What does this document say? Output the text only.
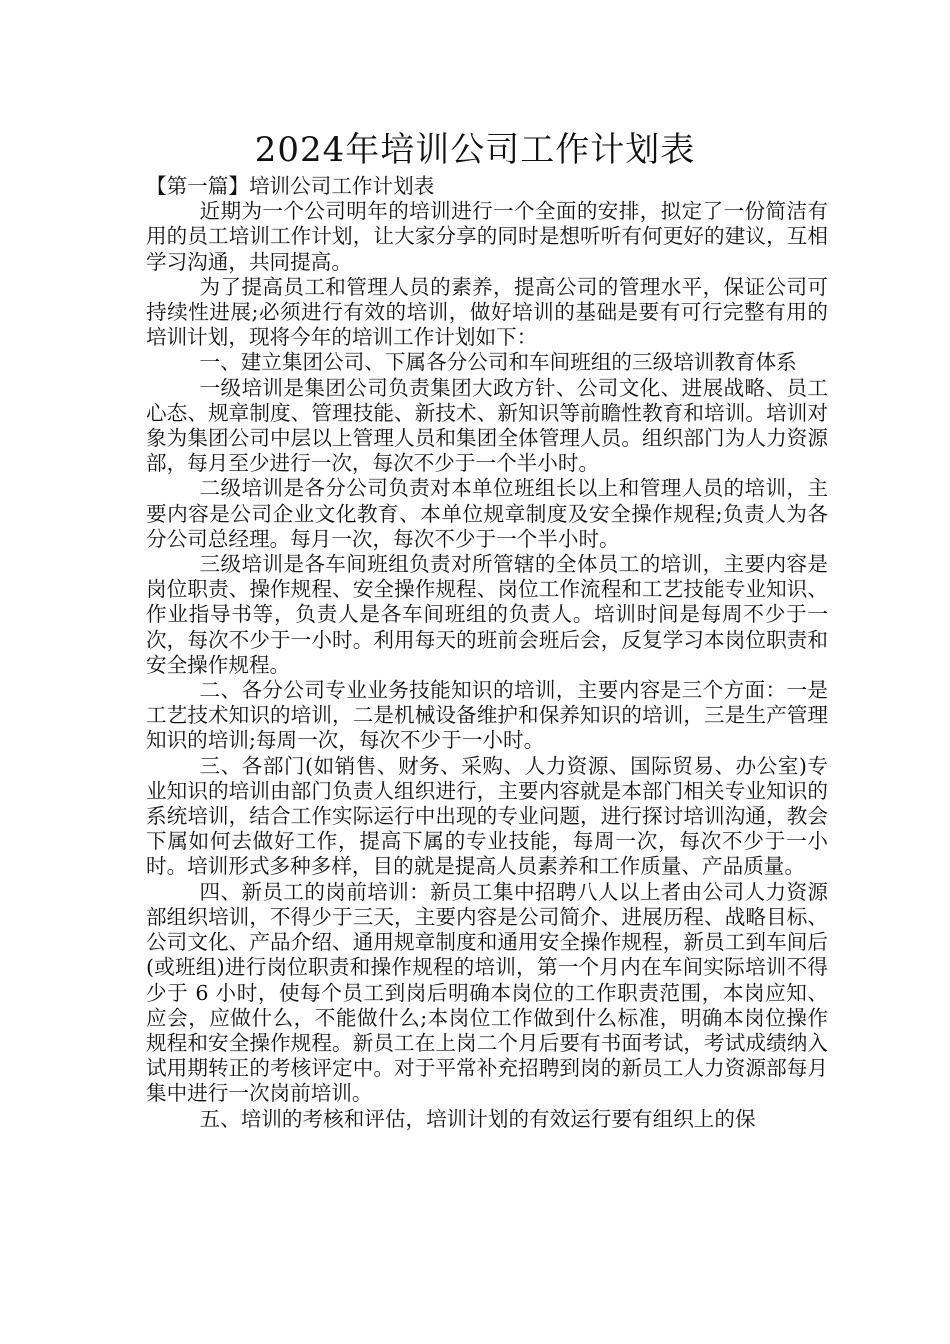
2024年培训公司工作计划表

【第一篇】培训公司工作计划表

近期为一个公司明年的培训进行一个全面的安排，拟定了一份简洁有用的员工培训工作计划，让大家分享的同时是想听听有何更好的建议，互相学习沟通，共同提高。

为了提高员工和管理人员的素养，提高公司的管理水平，保证公司可持续性进展;必须进行有效的培训，做好培训的基础是要有可行完整有用的培训计划，现将今年的培训工作计划如下：

一、建立集团公司、下属各分公司和车间班组的三级培训教育体系

一级培训是集团公司负责集团大政方针、公司文化、进展战略、员工心态、规章制度、管理技能、新技术、新知识等前瞻性教育和培训。培训对象为集团公司中层以上管理人员和集团全体管理人员。组织部门为人力资源部，每月至少进行一次，每次不少于一个半小时。

二级培训是各分公司负责对本单位班组长以上和管理人员的培训，主要内容是公司企业文化教育、本单位规章制度及安全操作规程;负责人为各分公司总经理。每月一次，每次不少于一个半小时。

三级培训是各车间班组负责对所管辖的全体员工的培训，主要内容是岗位职责、操作规程、安全操作规程、岗位工作流程和工艺技能专业知识、作业指导书等，负责人是各车间班组的负责人。培训时间是每周不少于一次，每次不少于一小时。利用每天的班前会班后会，反复学习本岗位职责和安全操作规程。

二、各分公司专业业务技能知识的培训，主要内容是三个方面：一是工艺技术知识的培训，二是机械设备维护和保养知识的培训，三是生产管理知识的培训;每周一次，每次不少于一小时。

三、各部门(如销售、财务、采购、人力资源、国际贸易、办公室)专业知识的培训由部门负责人组织进行，主要内容就是本部门相关专业知识的系统培训，结合工作实际运行中出现的专业问题，进行探讨培训沟通，教会下属如何去做好工作，提高下属的专业技能，每周一次，每次不少于一小时。培训形式多种多样，目的就是提高人员素养和工作质量、产品质量。

四、新员工的岗前培训：新员工集中招聘八人以上者由公司人力资源部组织培训，不得少于三天，主要内容是公司简介、进展历程、战略目标、公司文化、产品介绍、通用规章制度和通用安全操作规程，新员工到车间后(或班组)进行岗位职责和操作规程的培训，第一个月内在车间实际培训不得少于 6 小时，使每个员工到岗后明确本岗位的工作职责范围，本岗应知、应会，应做什么，不能做什么;本岗位工作做到什么标准，明确本岗位操作规程和安全操作规程。新员工在上岗二个月后要有书面考试，考试成绩纳入试用期转正的考核评定中。对于平常补充招聘到岗的新员工人力资源部每月集中进行一次岗前培训。

五、培训的考核和评估，培训计划的有效运行要有组织上的保
